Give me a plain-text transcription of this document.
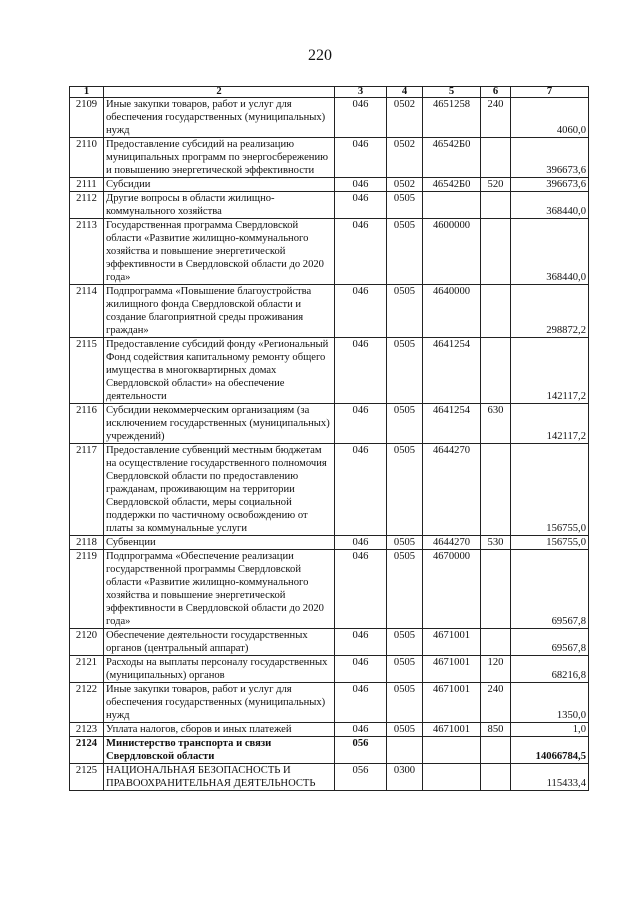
220
1	2	3	4	5	6	7
2109	Иные закупки товаров, работ и услуг для обеспечения государственных (муниципальных) нужд	046	0502	4651258	240	4060,0
2110	Предоставление субсидий на реализацию муниципальных программ по энергосбережению и повышению энергетической эффективности	046	0502	46542Б0		396673,6
2111	Субсидии	046	0502	46542Б0	520	396673,6
2112	Другие вопросы в области жилищно-коммунального хозяйства	046	0505			368440,0
2113	Государственная программа Свердловской области «Развитие жилищно-коммунального хозяйства и повышение энергетической эффективности в Свердловской области до 2020 года»	046	0505	4600000		368440,0
2114	Подпрограмма «Повышение благоустройства жилищного фонда Свердловской области и создание благоприятной среды проживания граждан»	046	0505	4640000		298872,2
2115	Предоставление субсидий фонду «Региональный Фонд содействия капитальному ремонту общего имущества в многоквартирных домах Свердловской области» на обеспечение деятельности	046	0505	4641254		142117,2
2116	Субсидии некоммерческим организациям (за исключением государственных (муниципальных) учреждений)	046	0505	4641254	630	142117,2
2117	Предоставление субвенций местным бюджетам на осуществление государственного полномочия Свердловской области по предоставлению гражданам, проживающим на территории Свердловской области, меры социальной поддержки по частичному освобождению от платы за коммунальные услуги	046	0505	4644270		156755,0
2118	Субвенции	046	0505	4644270	530	156755,0
2119	Подпрограмма «Обеспечение реализации государственной программы Свердловской области «Развитие жилищно-коммунального хозяйства и повышение энергетической эффективности в Свердловской области до 2020 года»	046	0505	4670000		69567,8
2120	Обеспечение деятельности государственных органов (центральный аппарат)	046	0505	4671001		69567,8
2121	Расходы на выплаты персоналу государственных (муниципальных) органов	046	0505	4671001	120	68216,8
2122	Иные закупки товаров, работ и услуг для обеспечения государственных (муниципальных) нужд	046	0505	4671001	240	1350,0
2123	Уплата налогов, сборов и иных платежей	046	0505	4671001	850	1,0
2124	Министерство транспорта и связи Свердловской области	056				14066784,5
2125	НАЦИОНАЛЬНАЯ БЕЗОПАСНОСТЬ И ПРАВООХРАНИТЕЛЬНАЯ ДЕЯТЕЛЬНОСТЬ	056	0300			115433,4
